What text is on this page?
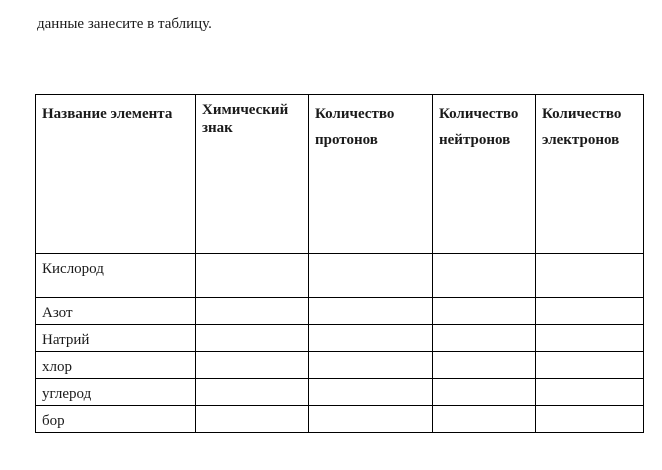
данные занесите в таблицу.

Название элемента	Химический знак	Количество протонов	Количество нейтронов	Количество электронов
Кислород				
Азот				
Натрий				
хлор				
углерод				
бор				
